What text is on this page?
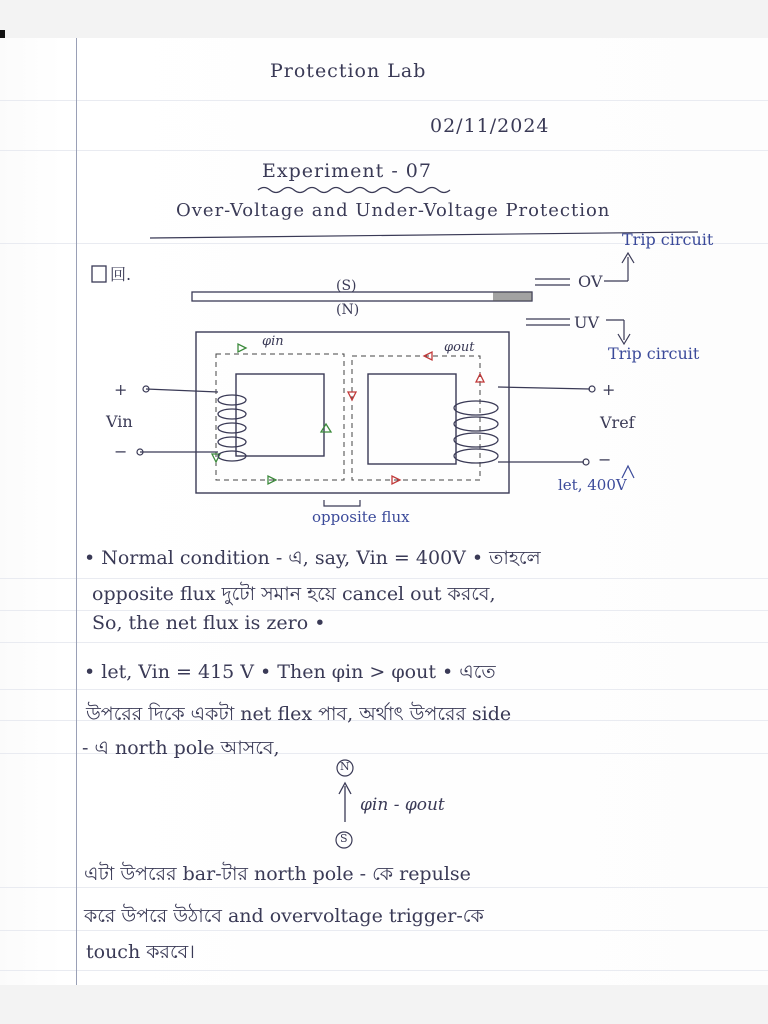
Protection Lab
02/11/2024
Experiment - 07
Over-Voltage and Under-Voltage Protection
回.
(S)
(N)
OV
UV
Trip circuit
Trip circuit
φin	φout
+
Vin
−
+
Vref
−
let, 400V
opposite flux
• Normal condition - এ, say, Vin = 400V • তাহলে
opposite flux দুটো সমান হয়ে cancel out করবে,
So, the net flux is zero •
• let, Vin = 415 V • Then φin > φout • এতে
উপরের দিকে একটা net flex পাব, অর্থাৎ উপরের side
- এ north pole আসবে,
N
φin - φout
S
এটা উপরের bar-টার north pole - কে repulse
করে উপরে উঠাবে and overvoltage trigger-কে
touch করবে।
